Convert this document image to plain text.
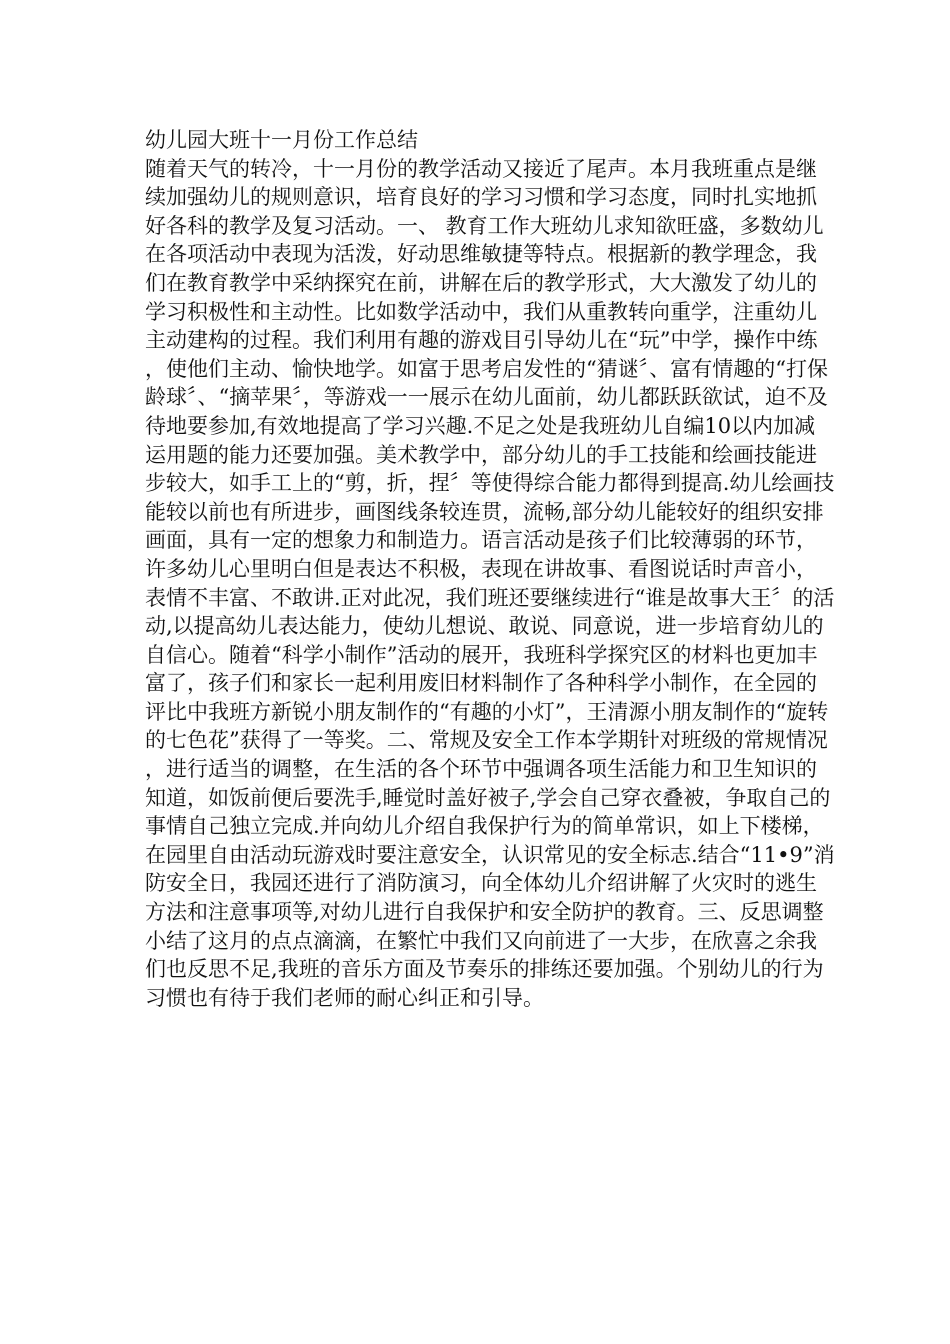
幼儿园大班十一月份工作总结

随着天气的转冷，十一月份的教学活动又接近了尾声。本月我班重点是继续加强幼儿的规则意识，培育良好的学习习惯和学习态度，同时扎实地抓好各科的教学及复习活动。一、 教育工作大班幼儿求知欲旺盛，多数幼儿在各项活动中表现为活泼，好动思维敏捷等特点。根据新的教学理念，我们在教育教学中采纳探究在前，讲解在后的教学形式，大大激发了幼儿的学习积极性和主动性。比如数学活动中，我们从重教转向重学，注重幼儿主动建构的过程。我们利用有趣的游戏目引导幼儿在“玩”中学，操作中练，使他们主动、愉快地学。如富于思考启发性的“猜谜〞、富有情趣的“打保龄球〞、“摘苹果〞，等游戏一一展示在幼儿面前，幼儿都跃跃欲试，迫不及待地要参加,有效地提高了学习兴趣.不足之处是我班幼儿自编10以内加减运用题的能力还要加强。美术教学中，部分幼儿的手工技能和绘画技能进步较大，如手工上的“剪，折，捏〞等使得综合能力都得到提高.幼儿绘画技能较以前也有所进步，画图线条较连贯，流畅,部分幼儿能较好的组织安排画面，具有一定的想象力和制造力。语言活动是孩子们比较薄弱的环节，许多幼儿心里明白但是表达不积极，表现在讲故事、看图说话时声音小，表情不丰富、不敢讲.正对此况，我们班还要继续进行“谁是故事大王〞的活动,以提高幼儿表达能力，使幼儿想说、敢说、同意说，进一步培育幼儿的自信心。随着“科学小制作”活动的展开，我班科学探究区的材料也更加丰富了，孩子们和家长一起利用废旧材料制作了各种科学小制作，在全园的评比中我班方新锐小朋友制作的“有趣的小灯”，王清源小朋友制作的“旋转的七色花”获得了一等奖。二、常规及安全工作本学期针对班级的常规情况，进行适当的调整，在生活的各个环节中强调各项生活能力和卫生知识的知道，如饭前便后要洗手,睡觉时盖好被子,学会自己穿衣叠被，争取自己的事情自己独立完成.并向幼儿介绍自我保护行为的简单常识，如上下楼梯，在园里自由活动玩游戏时要注意安全，认识常见的安全标志.结合“11•9”消防安全日，我园还进行了消防演习，向全体幼儿介绍讲解了火灾时的逃生方法和注意事项等,对幼儿进行自我保护和安全防护的教育。三、反思调整小结了这月的点点滴滴，在繁忙中我们又向前进了一大步，在欣喜之余我们也反思不足,我班的音乐方面及节奏乐的排练还要加强。个别幼儿的行为习惯也有待于我们老师的耐心纠正和引导。
